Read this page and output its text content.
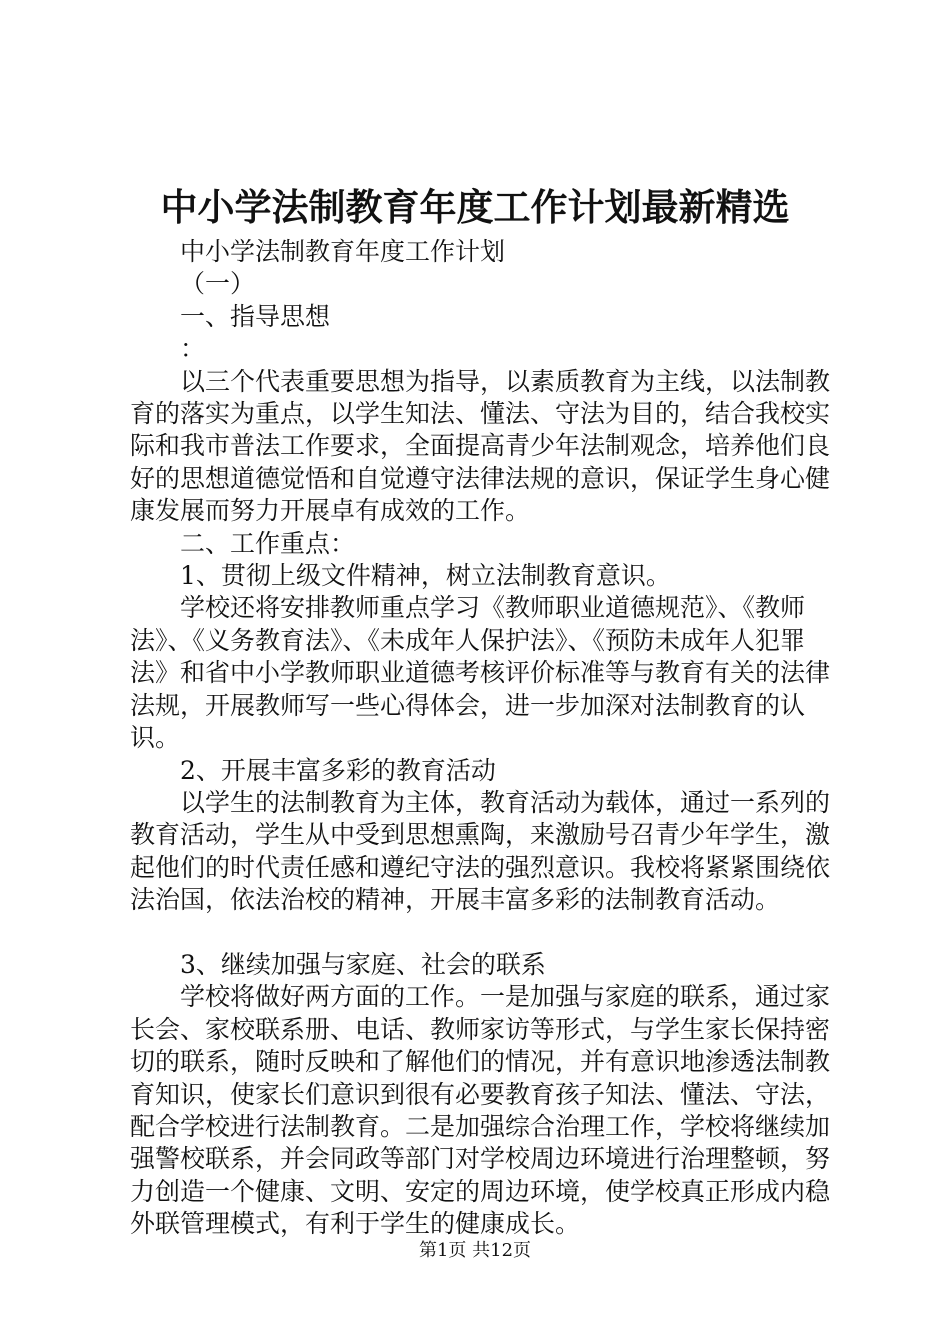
中小学法制教育年度工作计划最新精选

中小学法制教育年度工作计划

（一）

一、指导思想

：

以三个代表重要思想为指导，以素质教育为主线，以法制教育的落实为重点，以学生知法、懂法、守法为目的，结合我校实际和我市普法工作要求，全面提高青少年法制观念，培养他们良好的思想道德觉悟和自觉遵守法律法规的意识，保证学生身心健康发展而努力开展卓有成效的工作。

二、工作重点：

1、贯彻上级文件精神，树立法制教育意识。

学校还将安排教师重点学习《教师职业道德规范》、《教师法》、《义务教育法》、《未成年人保护法》、《预防未成年人犯罪法》和省中小学教师职业道德考核评价标准等与教育有关的法律法规，开展教师写一些心得体会，进一步加深对法制教育的认识。

2、开展丰富多彩的教育活动

以学生的法制教育为主体，教育活动为载体，通过一系列的教育活动，学生从中受到思想熏陶，来激励号召青少年学生，激起他们的时代责任感和遵纪守法的强烈意识。我校将紧紧围绕依法治国，依法治校的精神，开展丰富多彩的法制教育活动。

3、继续加强与家庭、社会的联系

学校将做好两方面的工作。一是加强与家庭的联系，通过家长会、家校联系册、电话、教师家访等形式，与学生家长保持密切的联系，随时反映和了解他们的情况，并有意识地渗透法制教育知识，使家长们意识到很有必要教育孩子知法、懂法、守法，配合学校进行法制教育。二是加强综合治理工作，学校将继续加强警校联系，并会同政等部门对学校周边环境进行治理整顿，努力创造一个健康、文明、安定的周边环境，使学校真正形成内稳外联管理模式，有利于学生的健康成长。

第1页 共12页
